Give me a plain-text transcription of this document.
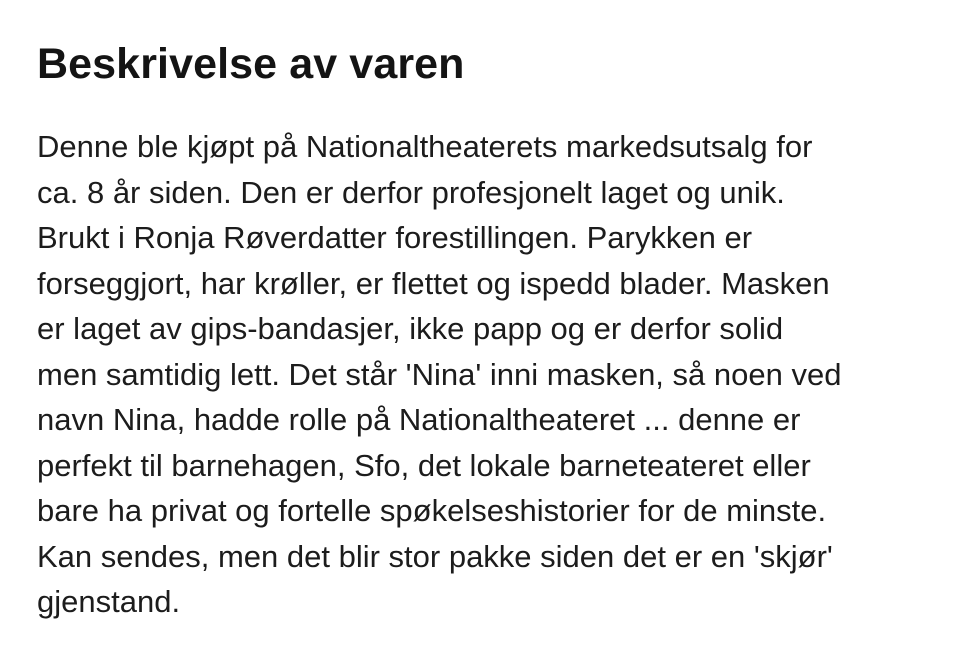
Beskrivelse av varen

Denne ble kjøpt på Nationaltheaterets markedsutsalg for
ca. 8 år siden. Den er derfor profesjonelt laget og unik.
Brukt i Ronja Røverdatter forestillingen. Parykken er
forseggjort, har krøller, er flettet og ispedd blader. Masken
er laget av gips-bandasjer, ikke papp og er derfor solid
men samtidig lett. Det står 'Nina' inni masken, så noen ved
navn Nina, hadde rolle på Nationaltheateret ... denne er
perfekt til barnehagen, Sfo, det lokale barneteateret eller
bare ha privat og fortelle spøkelseshistorier for de minste.
Kan sendes, men det blir stor pakke siden det er en 'skjør'
gjenstand.
